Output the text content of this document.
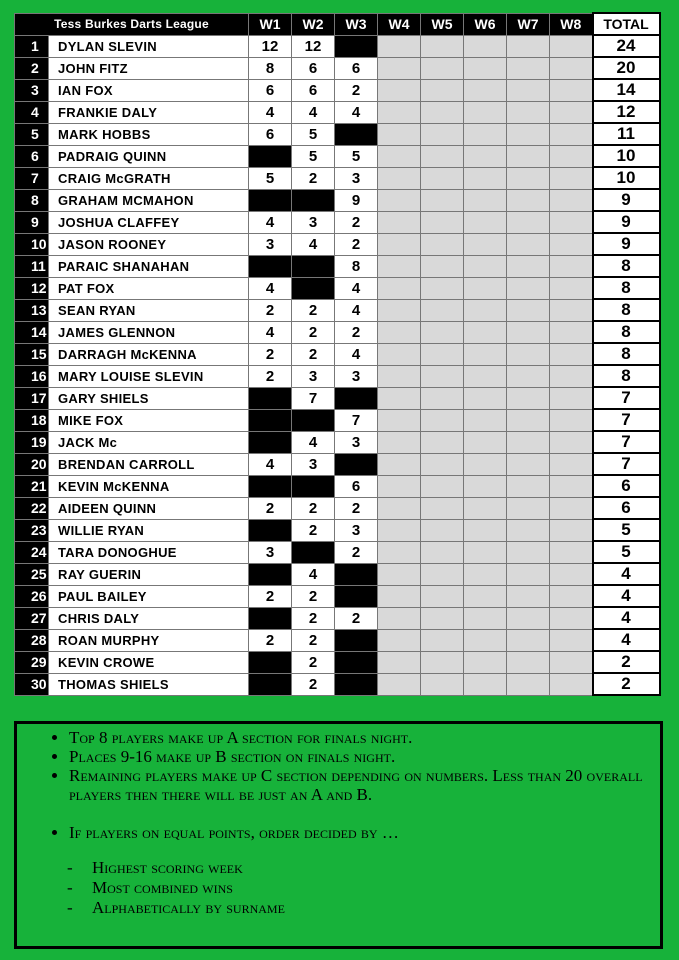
Tess Burkes Darts League		W1	W2	W3	W4	W5	W6	W7	W8	TOTAL
1	DYLAN SLEVIN	12	12							24
2	JOHN FITZ	8	6	6						20
3	IAN FOX	6	6	2						14
4	FRANKIE DALY	4	4	4						12
5	MARK HOBBS	6	5							11
6	PADRAIG QUINN		5	5						10
7	CRAIG McGRATH	5	2	3						10
8	GRAHAM MCMAHON			9						9
9	JOSHUA CLAFFEY	4	3	2						9
10	JASON ROONEY	3	4	2						9
11	PARAIC SHANAHAN			8						8
12	PAT FOX	4		4						8
13	SEAN RYAN	2	2	4						8
14	JAMES GLENNON	4	2	2						8
15	DARRAGH McKENNA	2	2	4						8
16	MARY LOUISE SLEVIN	2	3	3						8
17	GARY SHIELS		7							7
18	MIKE FOX			7						7
19	JACK Mc		4	3						7
20	BRENDAN CARROLL	4	3							7
21	KEVIN McKENNA			6						6
22	AIDEEN QUINN	2	2	2						6
23	WILLIE RYAN		2	3						5
24	TARA DONOGHUE	3		2						5
25	RAY GUERIN		4							4
26	PAUL BAILEY	2	2							4
27	CHRIS DALY		2	2						4
28	ROAN MURPHY	2	2							4
29	KEVIN CROWE		2							2
30	THOMAS SHIELS		2							2
• Top 8 players make up A section for finals night.
• Places 9-16 make up B section on finals night.
• Remaining players make up C section depending on numbers. Less than 20 overall players then there will be just an A and B.
• If players on equal points, order decided by …
- Highest scoring week
- Most combined wins
- Alphabetically by surname
